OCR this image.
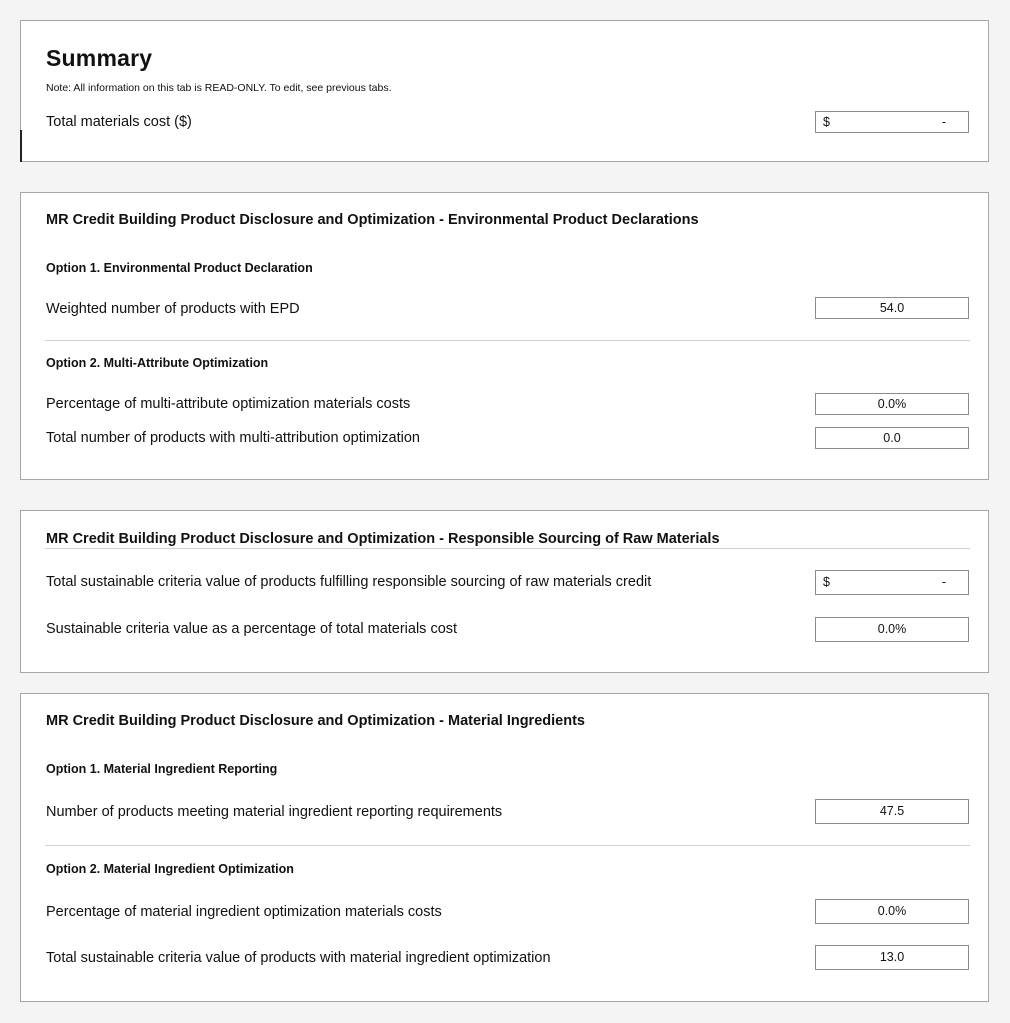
Summary
Note: All information on this tab is READ-ONLY. To edit, see previous tabs.
Total materials cost ($)	$	-
MR Credit Building Product Disclosure and Optimization - Environmental Product Declarations
Option 1. Environmental Product Declaration
Weighted number of products with EPD	54.0
Option 2. Multi-Attribute Optimization
Percentage of multi-attribute optimization materials costs	0.0%
Total number of products with multi-attribution optimization	0.0
MR Credit Building Product Disclosure and Optimization - Responsible Sourcing of Raw Materials
Total sustainable criteria value of products fulfilling responsible sourcing of raw materials credit	$	-
Sustainable criteria value as a percentage of total materials cost	0.0%
MR Credit Building Product Disclosure and Optimization - Material Ingredients
Option 1. Material Ingredient Reporting
Number of products meeting material ingredient reporting requirements	47.5
Option 2. Material Ingredient Optimization
Percentage of material ingredient optimization materials costs	0.0%
Total sustainable criteria value of products with material ingredient optimization	13.0
